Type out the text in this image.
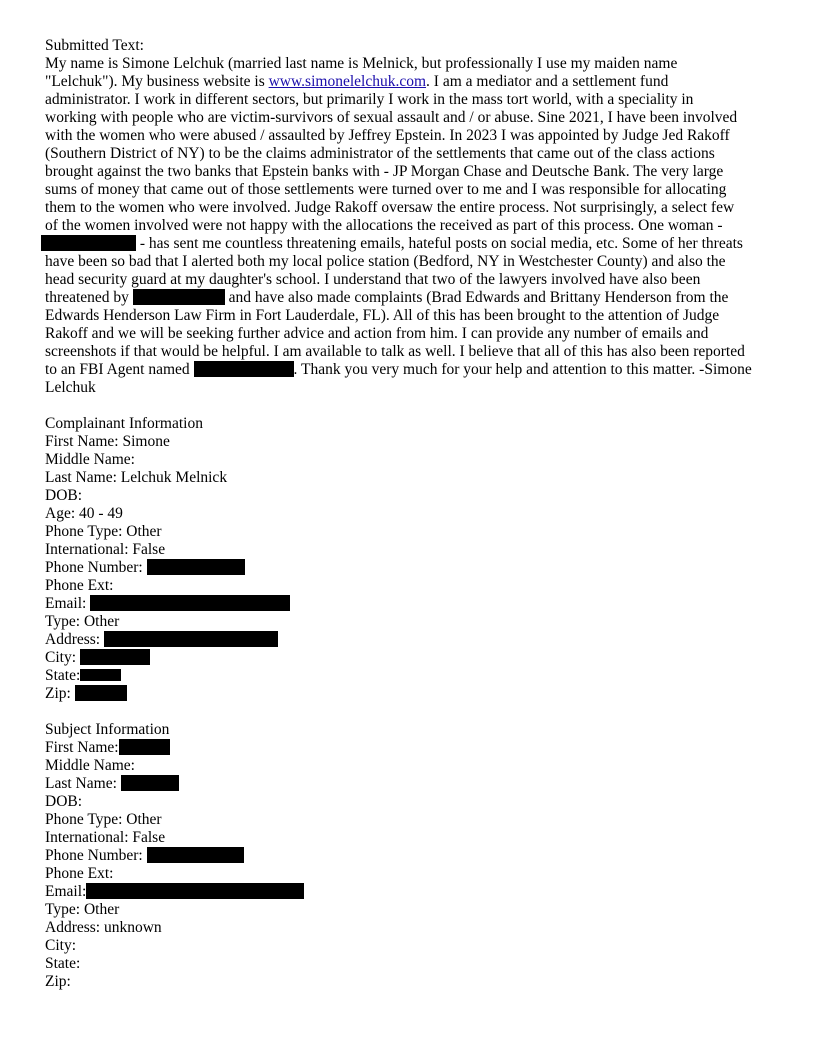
Submitted Text:
My name is Simone Lelchuk (married last name is Melnick, but professionally I use my maiden name
"Lelchuk"). My business website is www.simonelelchuk.com. I am a mediator and a settlement fund
administrator. I work in different sectors, but primarily I work in the mass tort world, with a speciality in
working with people who are victim-survivors of sexual assault and / or abuse. Sine 2021, I have been involved
with the women who were abused / assaulted by Jeffrey Epstein. In 2023 I was appointed by Judge Jed Rakoff
(Southern District of NY) to be the claims administrator of the settlements that came out of the class actions
brought against the two banks that Epstein banks with - JP Morgan Chase and Deutsche Bank. The very large
sums of money that came out of those settlements were turned over to me and I was responsible for allocating
them to the women who were involved. Judge Rakoff oversaw the entire process. Not surprisingly, a select few
of the women involved were not happy with the allocations the received as part of this process. One woman -
- has sent me countless threatening emails, hateful posts on social media, etc. Some of her threats
have been so bad that I alerted both my local police station (Bedford, NY in Westchester County) and also the
head security guard at my daughter's school. I understand that two of the lawyers involved have also been
threatened by	and have also made complaints (Brad Edwards and Brittany Henderson from the
Edwards Henderson Law Firm in Fort Lauderdale, FL). All of this has been brought to the attention of Judge
Rakoff and we will be seeking further advice and action from him. I can provide any number of emails and
screenshots if that would be helpful. I am available to talk as well. I believe that all of this has also been reported
to an FBI Agent named	. Thank you very much for your help and attention to this matter. -Simone
Lelchuk
Complainant Information
First Name: Simone
Middle Name:
Last Name: Lelchuk Melnick
DOB:
Age: 40 - 49
Phone Type: Other
International: False
Phone Number:
Phone Ext:
Email:
Type: Other
Address:
City:
State:
Zip:
Subject Information
First Name:
Middle Name:
Last Name:
DOB:
Phone Type: Other
International: False
Phone Number:
Phone Ext:
Email:
Type: Other
Address: unknown
City:
State:
Zip:
